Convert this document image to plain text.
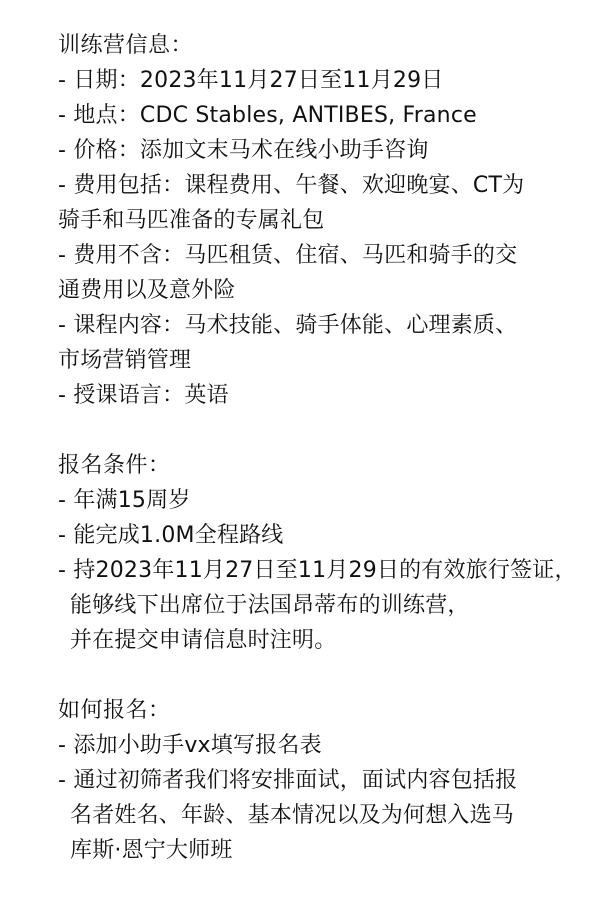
训练营信息：

- 日期：2023年11月27日至11月29日

- 地点：CDC Stables, ANTIBES, France

- 价格：添加文末马术在线小助手咨询

- 费用包括：课程费用、午餐、欢迎晚宴、CT为

骑手和马匹准备的专属礼包

- 费用不含：马匹租赁、住宿、马匹和骑手的交

通费用以及意外险

- 课程内容：马术技能、骑手体能、心理素质、

市场营销管理

- 授课语言：英语

报名条件：

- 年满15周岁

- 能完成1.0M全程路线

- 持2023年11月27日至11月29日的有效旅行签证，

能够线下出席位于法国昂蒂布的训练营，

并在提交申请信息时注明。

如何报名：

- 添加小助手vx填写报名表

- 通过初筛者我们将安排面试，面试内容包括报

名者姓名、年龄、基本情况以及为何想入选马

库斯·恩宁大师班
